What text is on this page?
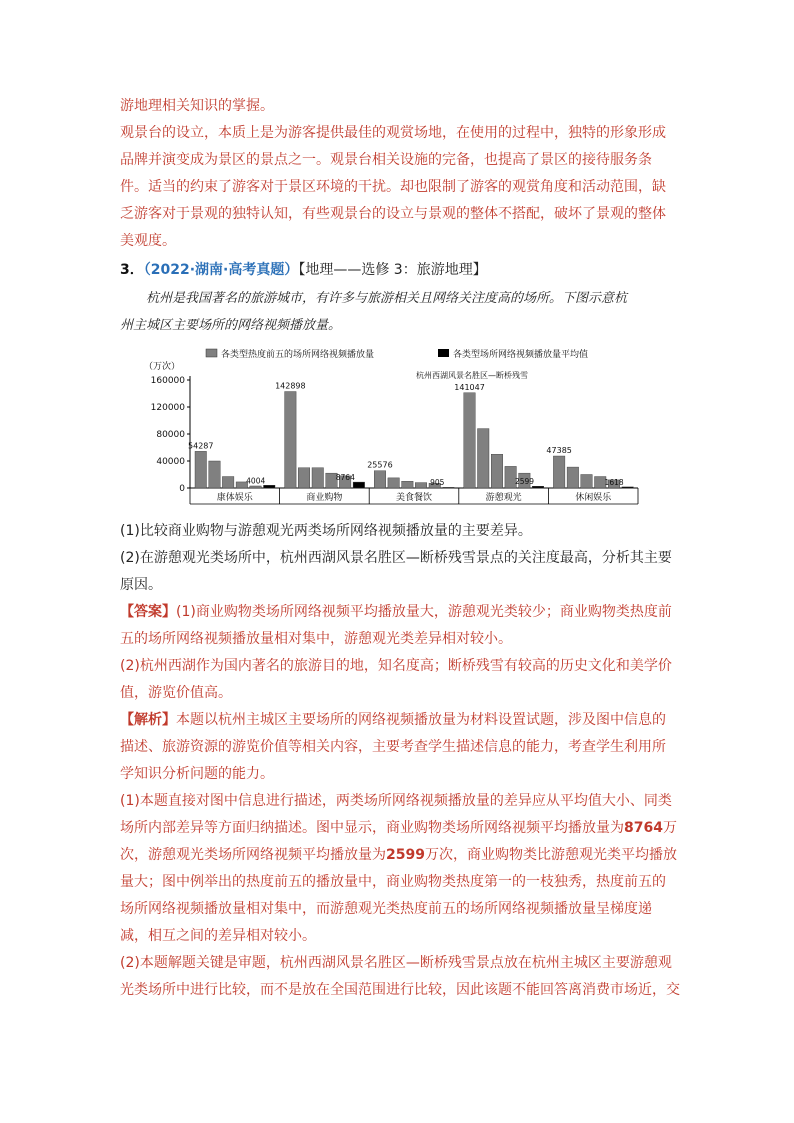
游地理相关知识的掌握。

观景台的设立，本质上是为游客提供最佳的观赏场地，在使用的过程中，独特的形象形成

品牌并演变成为景区的景点之一。观景台相关设施的完备，也提高了景区的接待服务条

件。适当的约束了游客对于景区环境的干扰。却也限制了游客的观赏角度和活动范围，缺

乏游客对于景观的独特认知，有些观景台的设立与景观的整体不搭配，破坏了景观的整体

美观度。

3．（2022·湖南·高考真题）【地理——选修 3：旅游地理】

杭州是我国著名的旅游城市，有许多与旅游相关且网络关注度高的场所。下图示意杭

州主城区主要场所的网络视频播放量。

各类型热度前五的场所网络视频播放量	各类型场所网络视频播放量平均值
（万次）
杭州西湖风景名胜区—断桥残雪
0
40000
80000
120000
160000
54287
4004
康体娱乐
142898
8764
商业购物
25576
905
美食餐饮
141047
2599
游憩观光
47385
1618
休闲娱乐

(1)比较商业购物与游憩观光两类场所网络视频播放量的主要差异。

(2)在游憩观光类场所中，杭州西湖风景名胜区—断桥残雪景点的关注度最高，分析其主要

原因。

【答案】(1)商业购物类场所网络视频平均播放量大，游憩观光类较少；商业购物类热度前

五的场所网络视频播放量相对集中，游憩观光类差异相对较小。

(2)杭州西湖作为国内著名的旅游目的地，知名度高；断桥残雪有较高的历史文化和美学价

值，游览价值高。

【解析】本题以杭州主城区主要场所的网络视频播放量为材料设置试题，涉及图中信息的

描述、旅游资源的游览价值等相关内容，主要考查学生描述信息的能力，考查学生利用所

学知识分析问题的能力。

(1)本题直接对图中信息进行描述，两类场所网络视频播放量的差异应从平均值大小、同类

场所内部差异等方面归纳描述。图中显示，商业购物类场所网络视频平均播放量为8764万

次，游憩观光类场所网络视频平均播放量为2599万次，商业购物类比游憩观光类平均播放

量大；图中例举出的热度前五的播放量中，商业购物类热度第一的一枝独秀，热度前五的

场所网络视频播放量相对集中，而游憩观光类热度前五的场所网络视频播放量呈梯度递

减，相互之间的差异相对较小。

(2)本题解题关键是审题，杭州西湖风景名胜区—断桥残雪景点放在杭州主城区主要游憩观

光类场所中进行比较，而不是放在全国范围进行比较，因此该题不能回答离消费市场近，交
